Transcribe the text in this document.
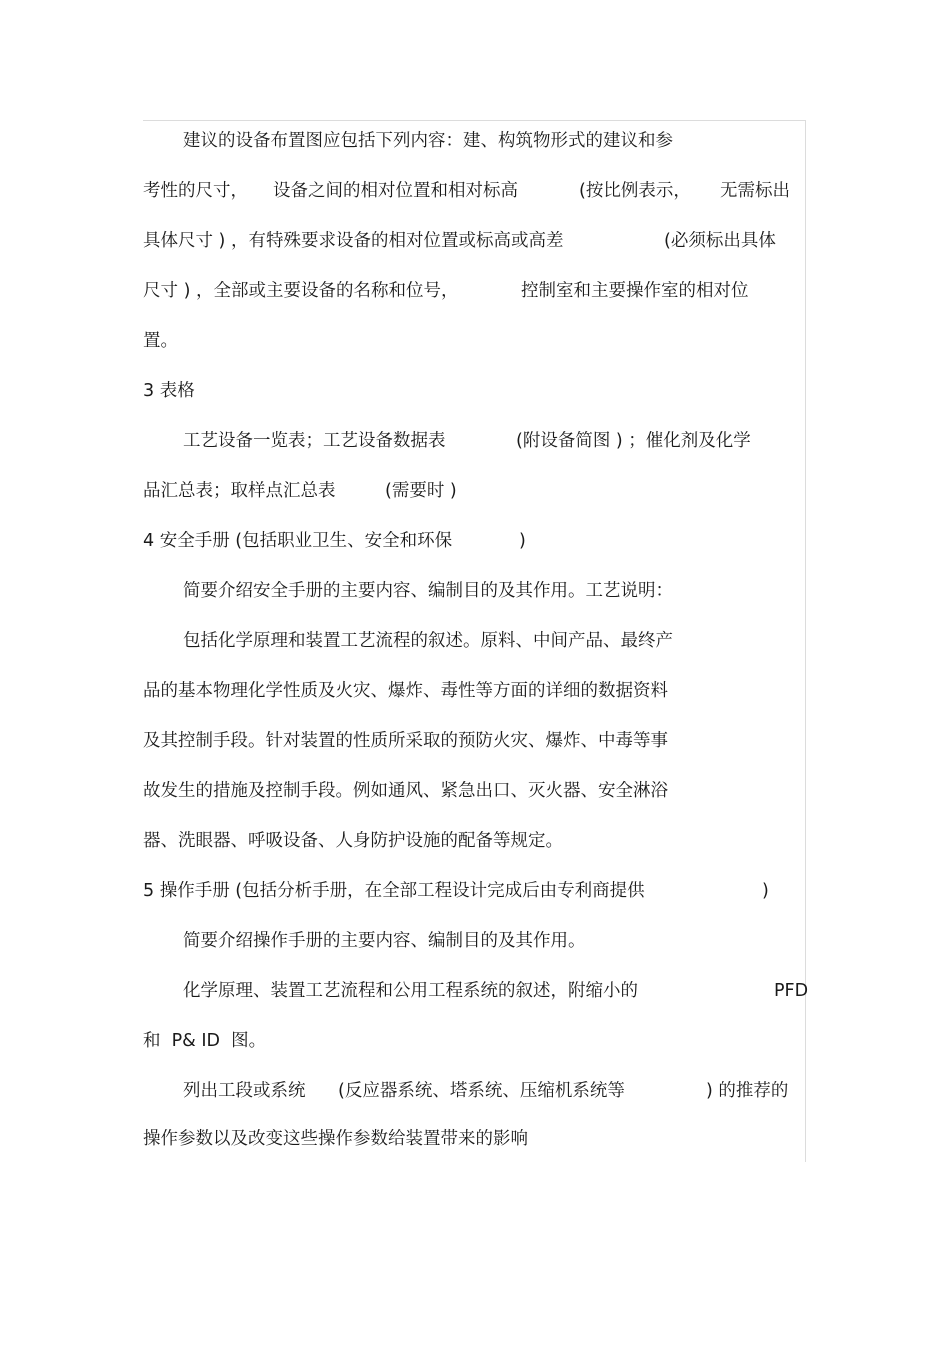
建议的设备布置图应包括下列内容：建、构筑物形式的建议和参
考性的尺寸， 设备之间的相对位置和相对标高	(按比例表示， 无需标出
具体尺寸 ) ，有特殊要求设备的相对位置或标高或高差	(必须标出具体
尺寸 ) ，全部或主要设备的名称和位号，	控制室和主要操作室的相对位
置。
3 表格
工艺设备一览表；工艺设备数据表	(附设备简图 ) ；催化剂及化学
品汇总表；取样点汇总表	(需要时 )
4 安全手册 (包括职业卫生、安全和环保	)
简要介绍安全手册的主要内容、编制目的及其作用。工艺说明：
包括化学原理和装置工艺流程的叙述。原料、中间产品、最终产
品的基本物理化学性质及火灾、爆炸、毒性等方面的详细的数据资料
及其控制手段。针对装置的性质所采取的预防火灾、爆炸、中毒等事
故发生的措施及控制手段。例如通风、紧急出口、灭火器、安全淋浴
器、洗眼器、呼吸设备、人身防护设施的配备等规定。
5 操作手册 (包括分析手册，在全部工程设计完成后由专利商提供	)
简要介绍操作手册的主要内容、编制目的及其作用。
化学原理、装置工艺流程和公用工程系统的叙述，附缩小的	PFD
和  P& ID  图。
列出工段或系统 (反应器系统、塔系统、压缩机系统等	) 的推荐的
操作参数以及改变这些操作参数给装置带来的影响
